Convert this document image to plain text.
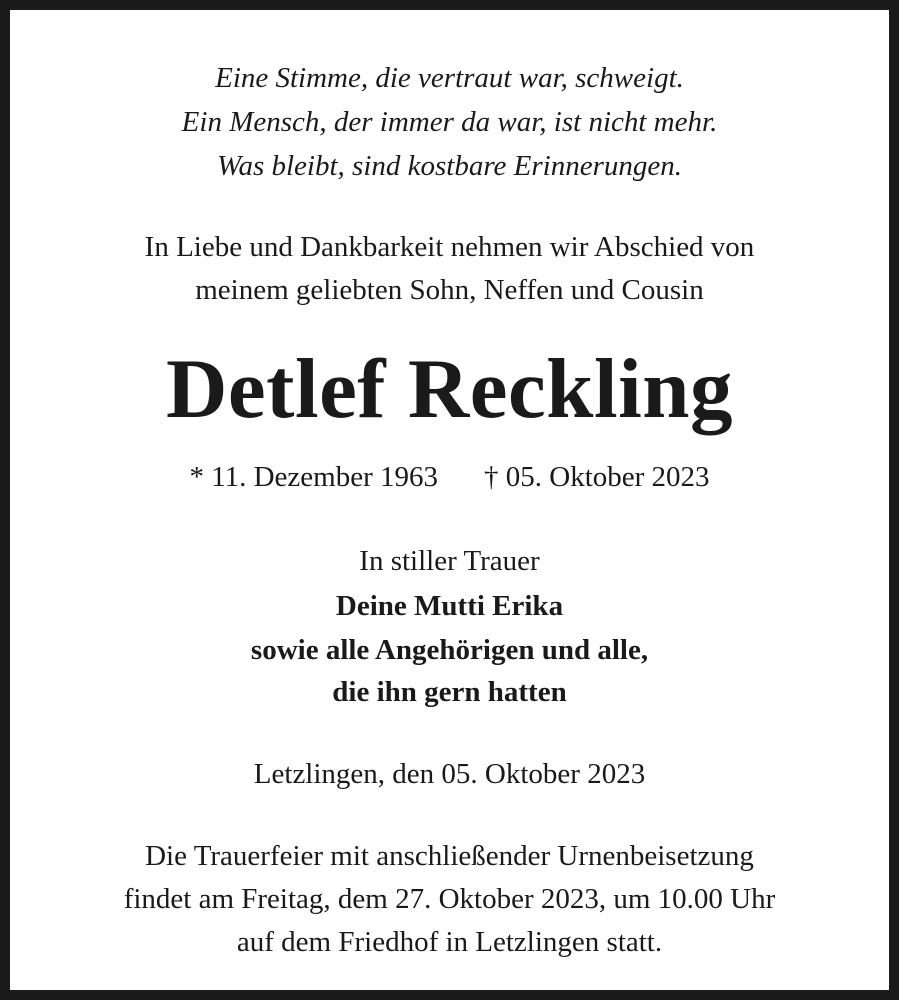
Eine Stimme, die vertraut war, schweigt.
Ein Mensch, der immer da war, ist nicht mehr.
Was bleibt, sind kostbare Erinnerungen.
In Liebe und Dankbarkeit nehmen wir Abschied von
meinem geliebten Sohn, Neffen und Cousin
Detlef Reckling
* 11. Dezember 1963 † 05. Oktober 2023
In stiller Trauer
Deine Mutti Erika
sowie alle Angehörigen und alle,
die ihn gern hatten
Letzlingen, den 05. Oktober 2023
Die Trauerfeier mit anschließender Urnenbeisetzung
findet am Freitag, dem 27. Oktober 2023, um 10.00 Uhr
auf dem Friedhof in Letzlingen statt.
